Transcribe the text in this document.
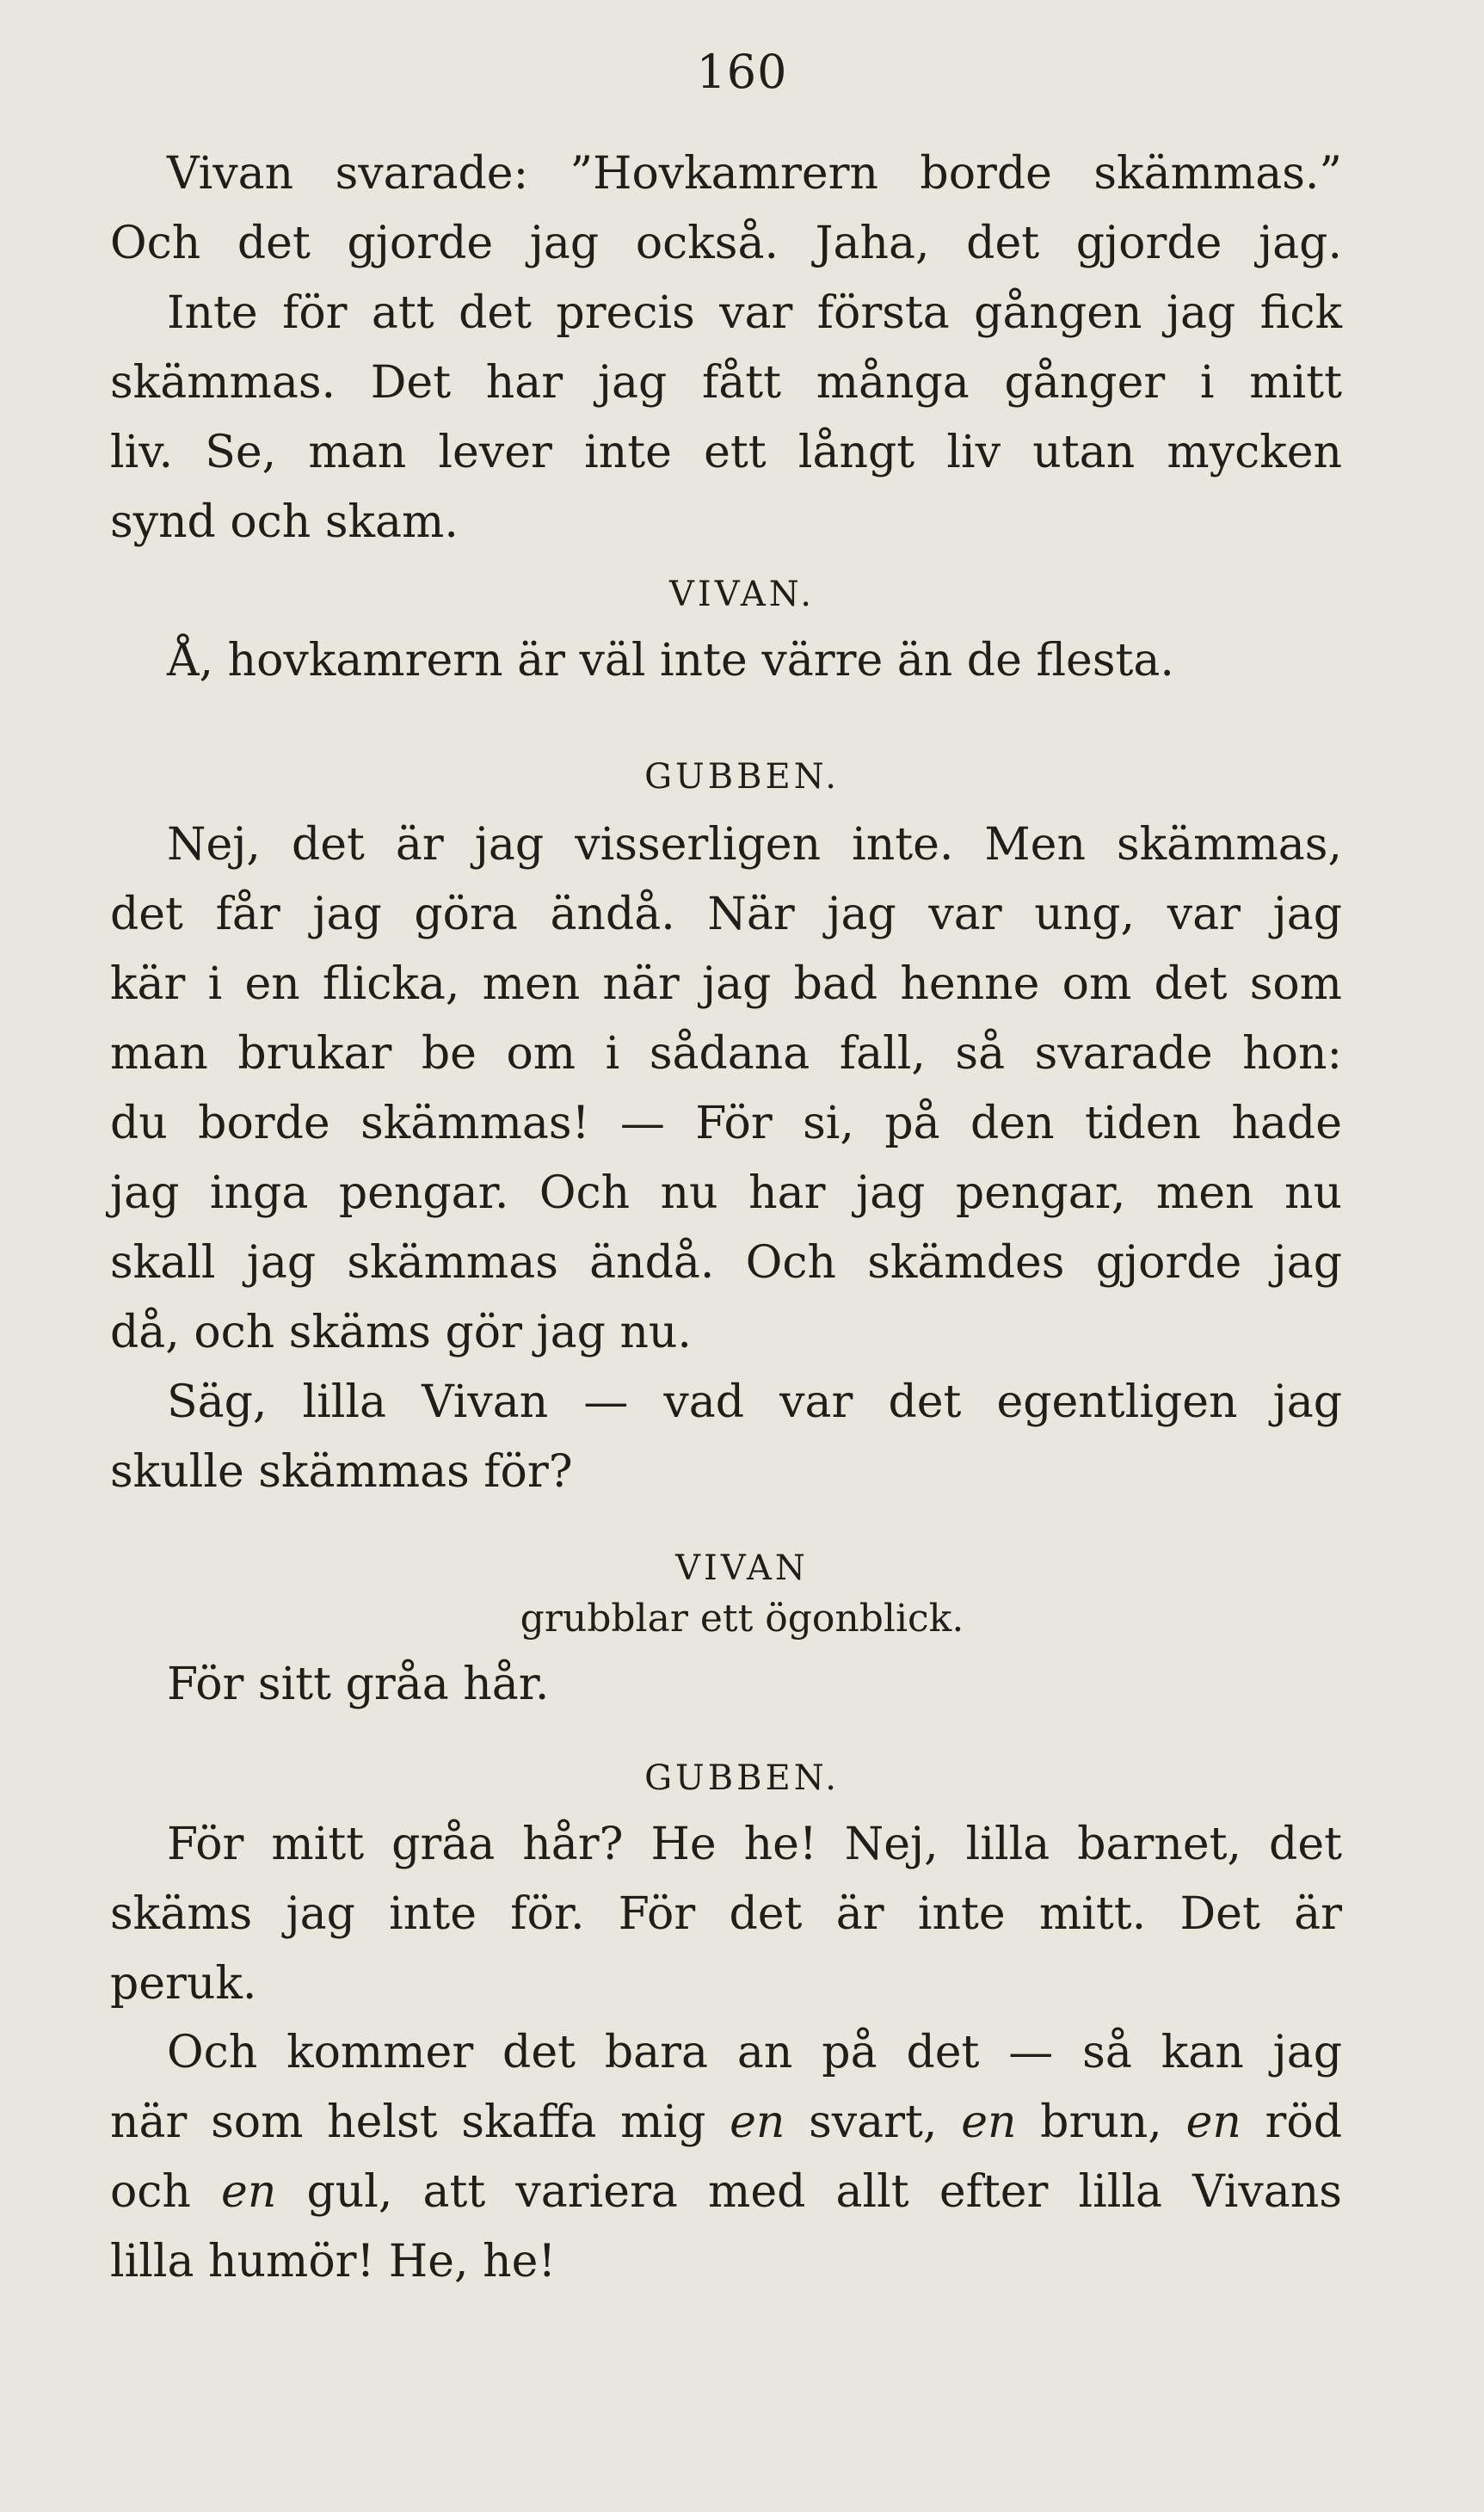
160
Vivan svarade: ”Hovkamrern borde skämmas.”
Och det gjorde jag också. Jaha, det gjorde jag.
Inte för att det precis var första gången jag fick
skämmas. Det har jag fått många gånger i mitt
liv. Se, man lever inte ett långt liv utan mycken
synd och skam.
VIVAN.
Å, hovkamrern är väl inte värre än de flesta.
GUBBEN.
Nej, det är jag visserligen inte. Men skämmas,
det får jag göra ändå. När jag var ung, var jag
kär i en flicka, men när jag bad henne om det som
man brukar be om i sådana fall, så svarade hon:
du borde skämmas! — För si, på den tiden hade
jag inga pengar. Och nu har jag pengar, men nu
skall jag skämmas ändå. Och skämdes gjorde jag
då, och skäms gör jag nu.
Säg, lilla Vivan — vad var det egentligen jag
skulle skämmas för?
VIVAN
grubblar ett ögonblick.
För sitt gråa hår.
GUBBEN.
För mitt gråa hår? He he! Nej, lilla barnet, det
skäms jag inte för. För det är inte mitt. Det är
peruk.
Och kommer det bara an på det — så kan jag
när som helst skaffa mig en svart, en brun, en röd
och en gul, att variera med allt efter lilla Vivans
lilla humör! He, he!
